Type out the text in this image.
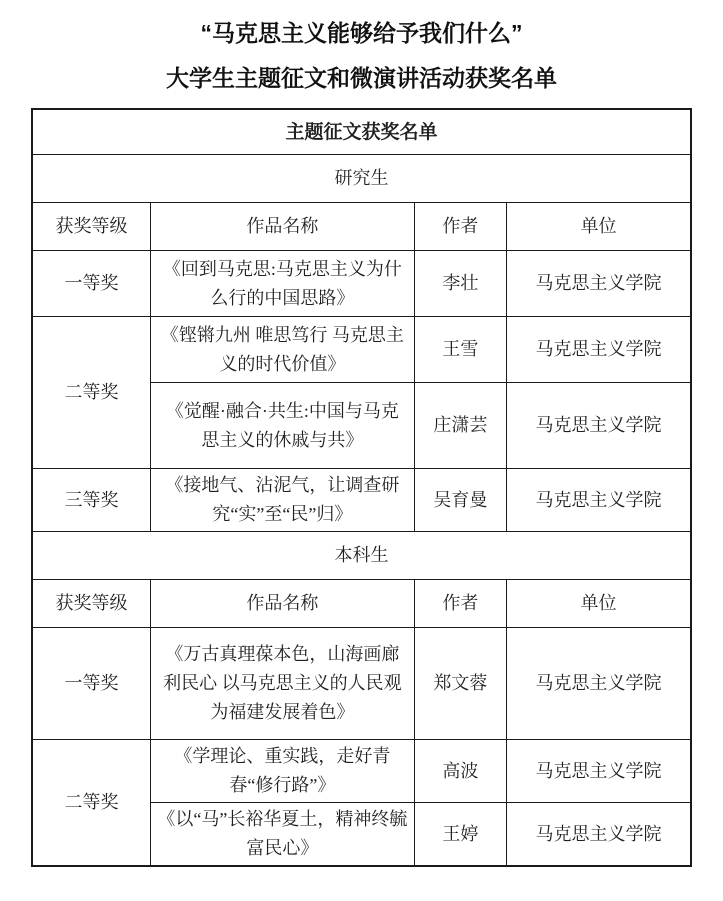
“马克思主义能够给予我们什么”

大学生主题征文和微演讲活动获奖名单

主题征文获奖名单			
研究生			
获奖等级	作品名称	作者	单位
一等奖	《回到马克思:马克思主义为什么行的中国思路》	李壮	马克思主义学院
二等奖	《铿锵九州 唯思笃行 马克思主义的时代价值》	王雪	马克思主义学院
	《觉醒·融合·共生:中国与马克思主义的休戚与共》	庄潇芸	马克思主义学院
三等奖	《接地气、沾泥气，让调查研究“实”至“民”归》	吴育曼	马克思主义学院
本科生			
获奖等级	作品名称	作者	单位
一等奖	《万古真理葆本色，山海画廊利民心 以马克思主义的人民观为福建发展着色》	郑文蓉	马克思主义学院
二等奖	《学理论、重实践，走好青春“修行路”》	高波	马克思主义学院
	《以“马”长裕华夏土，精神终毓富民心》	王婷	马克思主义学院
